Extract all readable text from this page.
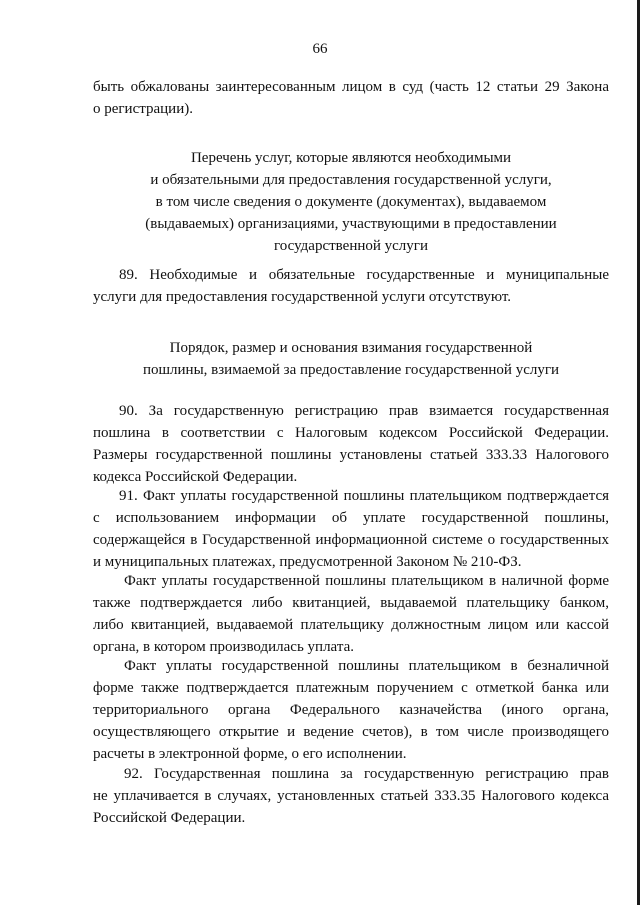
66
быть обжалованы заинтересованным лицом в суд (часть 12 статьи 29 Закона
о регистрации).
Перечень услуг, которые являются необходимыми
и обязательными для предоставления государственной услуги,
в том числе сведения о документе (документах), выдаваемом
(выдаваемых) организациями, участвующими в предоставлении
государственной услуги
89. Необходимые и обязательные государственные и муниципальные
услуги для предоставления государственной услуги отсутствуют.
Порядок, размер и основания взимания государственной
пошлины, взимаемой за предоставление государственной услуги
90. За государственную регистрацию прав взимается государственная
пошлина в соответствии с Налоговым кодексом Российской Федерации.
Размеры государственной пошлины установлены статьей 333.33 Налогового
кодекса Российской Федерации.
91. Факт уплаты государственной пошлины плательщиком подтверждается
с использованием информации об уплате государственной пошлины,
содержащейся в Государственной информационной системе о государственных
и муниципальных платежах, предусмотренной Законом № 210-ФЗ.
Факт уплаты государственной пошлины плательщиком в наличной форме
также подтверждается либо квитанцией, выдаваемой плательщику банком,
либо квитанцией, выдаваемой плательщику должностным лицом или кассой
органа, в котором производилась уплата.
Факт уплаты государственной пошлины плательщиком в безналичной
форме также подтверждается платежным поручением с отметкой банка или
территориального органа Федерального казначейства (иного органа,
осуществляющего открытие и ведение счетов), в том числе производящего
расчеты в электронной форме, о его исполнении.
92. Государственная пошлина за государственную регистрацию прав
не уплачивается в случаях, установленных статьей 333.35 Налогового кодекса
Российской Федерации.
